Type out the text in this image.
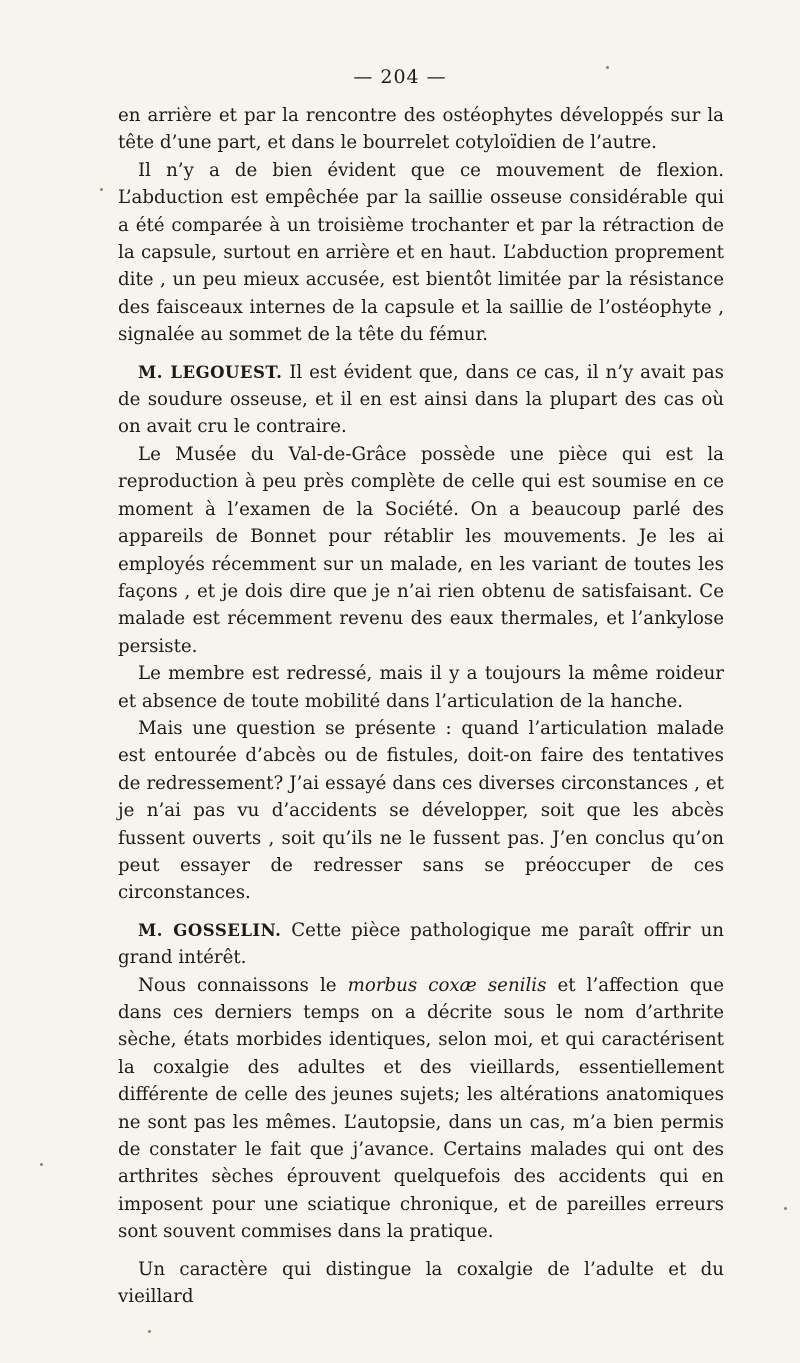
— 204 —

en arrière et par la rencontre des ostéophytes développés sur la tête d’une part, et dans le bourrelet cotyloïdien de l’autre.

Il n’y a de bien évident que ce mouvement de flexion. L’abduction est empêchée par la saillie osseuse considérable qui a été comparée à un troisième trochanter et par la rétraction de la capsule, surtout en arrière et en haut. L’abduction proprement dite , un peu mieux accusée, est bientôt limitée par la résistance des faisceaux internes de la capsule et la saillie de l’ostéophyte , signalée au sommet de la tête du fémur.

M. LEGOUEST. Il est évident que, dans ce cas, il n’y avait pas de soudure osseuse, et il en est ainsi dans la plupart des cas où on avait cru le contraire.

Le Musée du Val-de-Grâce possède une pièce qui est la reproduction à peu près complète de celle qui est soumise en ce moment à l’examen de la Société. On a beaucoup parlé des appareils de Bonnet pour rétablir les mouvements. Je les ai employés récemment sur un malade, en les variant de toutes les façons , et je dois dire que je n’ai rien obtenu de satisfaisant. Ce malade est récemment revenu des eaux thermales, et l’ankylose persiste.

Le membre est redressé, mais il y a toujours la même roideur et absence de toute mobilité dans l’articulation de la hanche.

Mais une question se présente : quand l’articulation malade est entourée d’abcès ou de fistules, doit-on faire des tentatives de redressement? J’ai essayé dans ces diverses circonstances , et je n’ai pas vu d’accidents se développer, soit que les abcès fussent ouverts , soit qu’ils ne le fussent pas. J’en conclus qu’on peut essayer de redresser sans se préoccuper de ces circonstances.

M. GOSSELIN. Cette pièce pathologique me paraît offrir un grand intérêt.

Nous connaissons le morbus coxæ senilis et l’affection que dans ces derniers temps on a décrite sous le nom d’arthrite sèche, états morbides identiques, selon moi, et qui caractérisent la coxalgie des adultes et des vieillards, essentiellement différente de celle des jeunes sujets; les altérations anatomiques ne sont pas les mêmes. L’autopsie, dans un cas, m’a bien permis de constater le fait que j’avance. Certains malades qui ont des arthrites sèches éprouvent quelquefois des accidents qui en imposent pour une sciatique chronique, et de pareilles erreurs sont souvent commises dans la pratique.

Un caractère qui distingue la coxalgie de l’adulte et du vieillard
